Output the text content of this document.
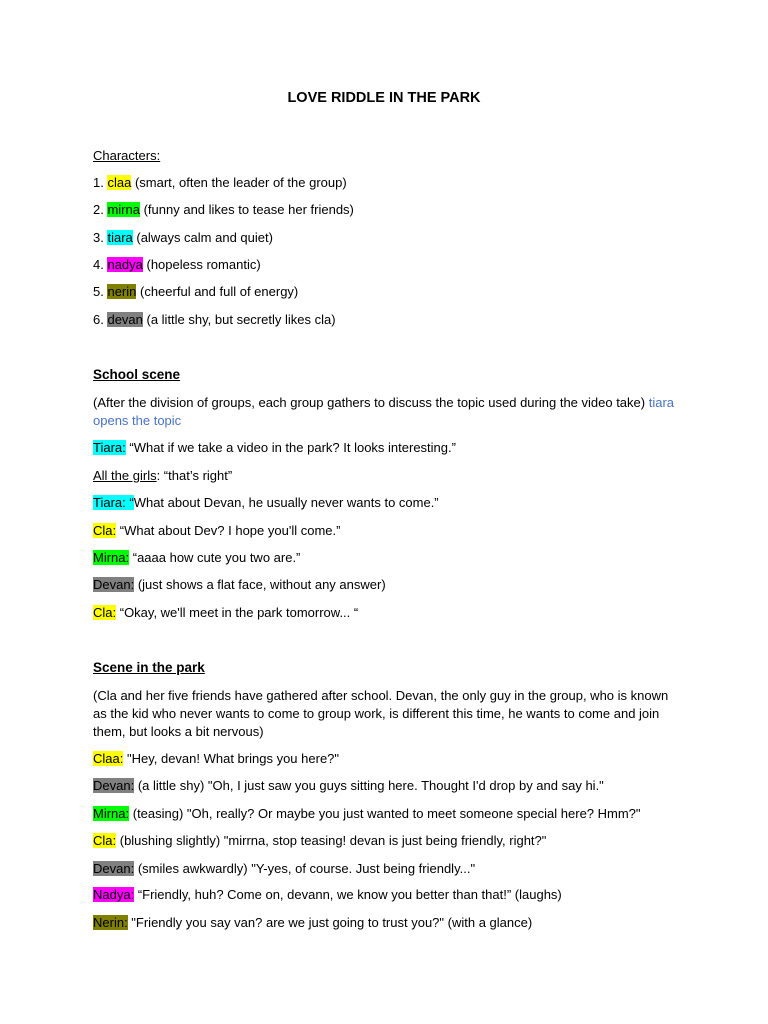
LOVE RIDDLE IN THE PARK
Characters:
1. claa (smart, often the leader of the group)
2. mirna (funny and likes to tease her friends)
3. tiara (always calm and quiet)
4. nadya (hopeless romantic)
5. nerin (cheerful and full of energy)
6. devan (a little shy, but secretly likes cla)
School scene
(After the division of groups, each group gathers to discuss the topic used during the video take) tiara opens the topic
Tiara: “What if we take a video in the park? It looks interesting.”
All the girls: “that’s right”
Tiara: “What about Devan, he usually never wants to come.”
Cla: “What about Dev? I hope you'll come.”
Mirna: “aaaa how cute you two are.”
Devan: (just shows a flat face, without any answer)
Cla: “Okay, we'll meet in the park tomorrow... “
Scene in the park
(Cla and her five friends have gathered after school. Devan, the only guy in the group, who is known as the kid who never wants to come to group work, is different this time, he wants to come and join them, but looks a bit nervous)
Claa: "Hey, devan! What brings you here?"
Devan: (a little shy) "Oh, I just saw you guys sitting here. Thought I'd drop by and say hi."
Mirna: (teasing) "Oh, really? Or maybe you just wanted to meet someone special here? Hmm?"
Cla: (blushing slightly) "mirrna, stop teasing! devan is just being friendly, right?"
Devan: (smiles awkwardly) "Y-yes, of course. Just being friendly..."
Nadya: “Friendly, huh? Come on, devann, we know you better than that!” (laughs)
Nerin: "Friendly you say van? are we just going to trust you?" (with a glance)
